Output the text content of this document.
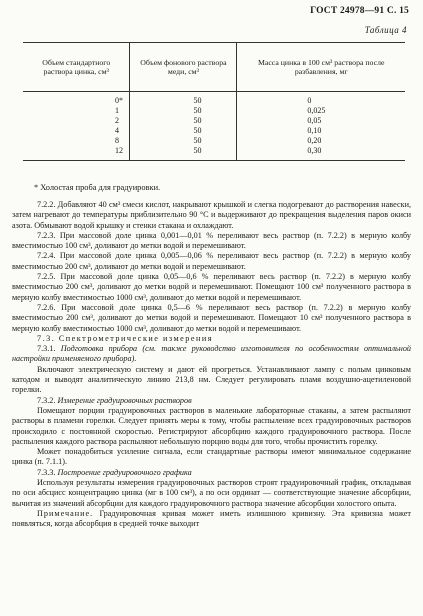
ГОСТ 24978—91 С. 15
Таблица 4
Объем стандартного раствора цинка, см³	Объем фонового раствора меди, см³	Масса цинка в 100 см³ раствора после разбавления, мг
0*	50	0
1	50	0,025
2	50	0,05
4	50	0,10
8	50	0,20
12	50	0,30
* Холостая проба для градуировки.

7.2.2. Добавляют 40 см³ смеси кислот, накрывают крышкой и слегка подогревают до растворения навески, затем нагревают до температуры приблизительно 90 °С и выдерживают до прекращения выделения паров окиси азота. Обмывают водой крышку и стенки стакана и охлаждают.

7.2.3. При массовой доле цинка 0,001—0,01 % переливают весь раствор (п. 7.2.2) в мерную колбу вместимостью 100 см³, доливают до метки водой и перемешивают.

7.2.4. При массовой доле цинка 0,005—0,06 % переливают весь раствор (п. 7.2.2) в мерную колбу вместимостью 200 см³, доливают до метки водой и перемешивают.

7.2.5. При массовой доле цинка 0,05—0,6 % переливают весь раствор (п. 7.2.2) в мерную колбу вместимостью 200 см³, доливают до метки водой и перемешивают. Помещают 100 см³ полученного раствора в мерную колбу вместимостью 1000 см³, доливают до метки водой и перемешивают.

7.2.6. При массовой доле цинка 0,5—6 % переливают весь раствор (п. 7.2.2) в мерную колбу вместимостью 200 см³, доливают до метки водой и перемешивают. Помещают 10 см³ полученного раствора в мерную колбу вместимостью 1000 см³, доливают до метки водой и перемешивают.

7.3. Спектрометрические измерения

7.3.1. Подготовка прибора (см. также руководство изготовителя по особенностям оптимальной настройки применяемого прибора).

Включают электрическую систему и дают ей прогреться. Устанавливают лампу с полым цинковым катодом и выводят аналитическую линию 213,8 нм. Следует регулировать пламя воздушно-ацетиленовой горелки.

7.3.2. Измерение градуировочных растворов

Помещают порции градуировочных растворов в маленькие лабораторные стаканы, а затем распыляют растворы в пламени горелки. Следует принять меры к тому, чтобы распыление всех градуировочных растворов происходило с постоянной скоростью. Регистрируют абсорбцию каждого градуировочного раствора. После распыления каждого раствора распыляют небольшую порцию воды для того, чтобы прочистить горелку.

Может понадобиться усиление сигнала, если стандартные растворы имеют минимальное содержание цинка (п. 7.1.1).

7.3.3. Построение градуировочного графика

Используя результаты измерения градуировочных растворов строят градуировочный график, откладывая по оси абсцисс концентрацию цинка (мг в 100 см³), а по оси ординат — соответствующие значение абсорбции, вычитая из значений абсорбции для каждого градуировочного раствора значение абсорбции холостого опыта.

Примечание. Градуировочная кривая может иметь излишнюю кривизну. Эта кривизна может появляться, когда абсорбция в средней точке выходит
